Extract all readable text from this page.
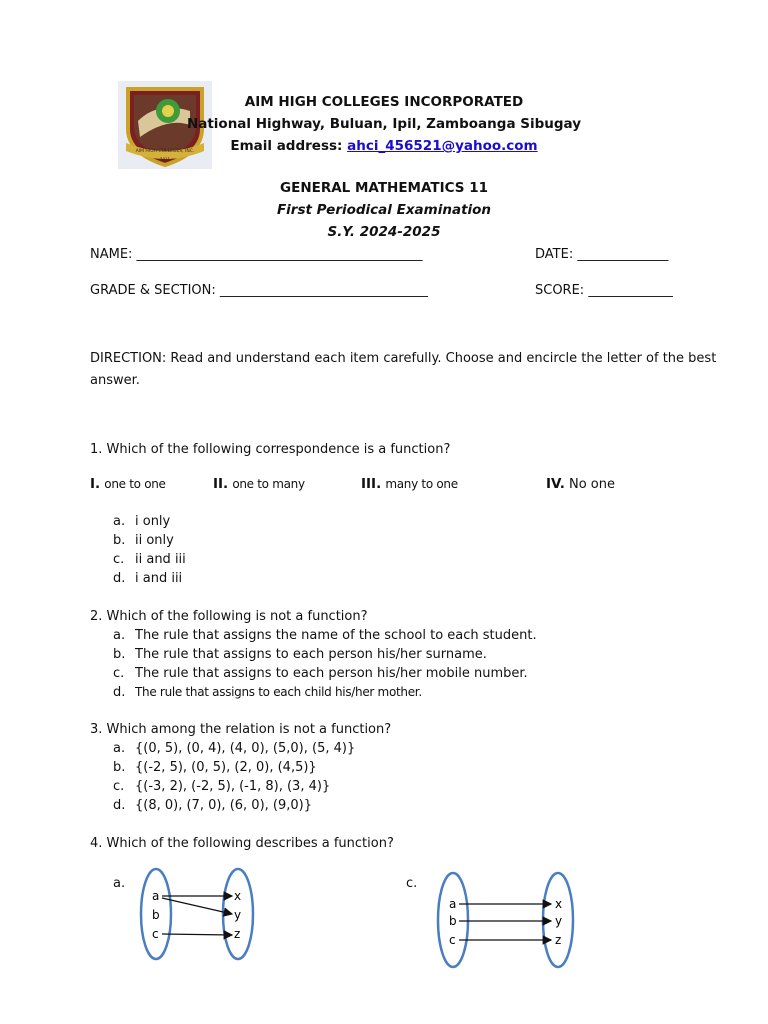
AIM HIGH COLLEGES, INC.
2011
AIM HIGH COLLEGES INCORPORATED
National Highway, Buluan, Ipil, Zamboanga Sibugay
Email address: ahci_456521@yahoo.com
GENERAL MATHEMATICS 11
First Periodical Examination
S.Y. 2024-2025
NAME: ____________________________________________	DATE: ______________
GRADE & SECTION: ________________________________	SCORE: _____________
DIRECTION: Read and understand each item carefully. Choose and encircle the letter of the best
answer.
1. Which of the following correspondence is a function?
I. one to one	II. one to many	III. many to one	IV. No one
a. i only
b. ii only
c. ii and iii
d. i and iii
2. Which of the following is not a function?
a. The rule that assigns the name of the school to each student.
b. The rule that assigns to each person his/her surname.
c. The rule that assigns to each person his/her mobile number.
d. The rule that assigns to each child his/her mother.
3. Which among the relation is not a function?
a. {(0, 5), (0, 4), (4, 0), (5,0), (5, 4)}
b. {(-2, 5), (0, 5), (2, 0), (4,5)}
c. {(-3, 2), (-2, 5), (-1, 8), (3, 4)}
d. {(8, 0), (7, 0), (6, 0), (9,0)}
4. Which of the following describes a function?
a.
a
b
c
x
y
z
c.
a
b
c
x
y
z
